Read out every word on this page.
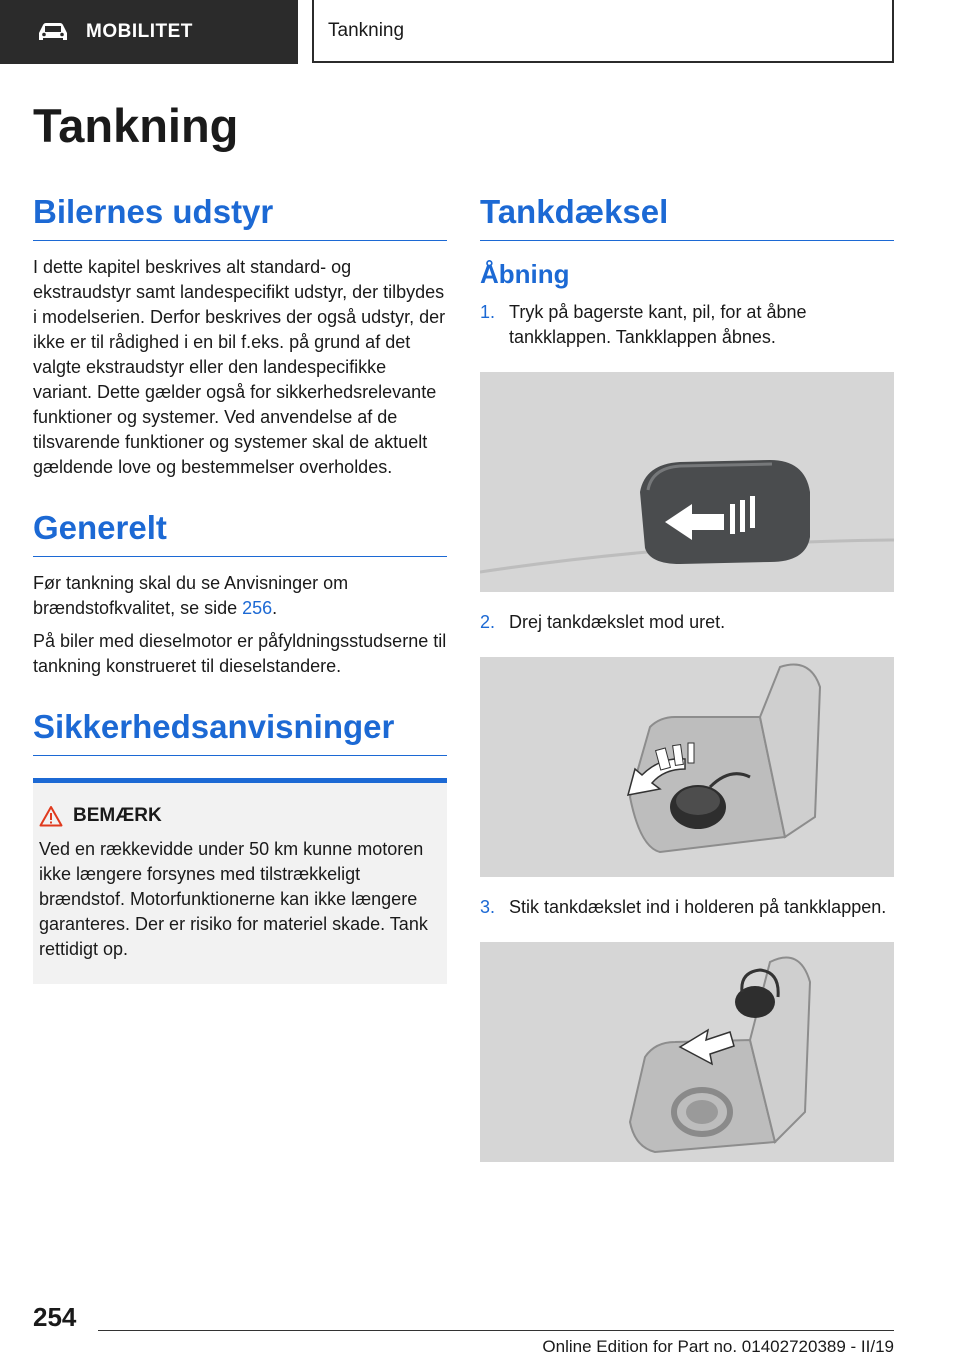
MOBILITET	Tankning
Tankning
Bilernes udstyr

I dette kapitel beskrives alt standard- og ekstraudstyr samt landespecifikt udstyr, der tilbydes i modelserien. Derfor beskrives der også udstyr, der ikke er til rådighed i en bil f.eks. på grund af det valgte ekstraudstyr eller den landespecifikke variant. Dette gælder også for sikkerhedsrelevante funktioner og systemer. Ved anvendelse af de tilsvarende funktioner og systemer skal de aktuelt gældende love og bestemmelser overholdes.

Generelt

Før tankning skal du se Anvisninger om brændstofkvalitet, se side 256.

På biler med dieselmotor er påfyldningsstudserne til tankning konstrueret til dieselstandere.

Sikkerhedsanvisninger
BEMÆRK

Ved en rækkevidde under 50 km kunne motoren ikke længere forsynes med tilstrækkeligt brændstof. Motorfunktionerne kan ikke længere garanteres. Der er risiko for materiel skade. Tank rettidigt op.

Tankdæksel
Åbning
1. Tryk på bagerste kant, pil, for at åbne tankklappen. Tankklappen åbnes.
2. Drej tankdækslet mod uret.
3. Stik tankdækslet ind i holderen på tankklappen.
254
Online Edition for Part no. 01402720389 - II/19
